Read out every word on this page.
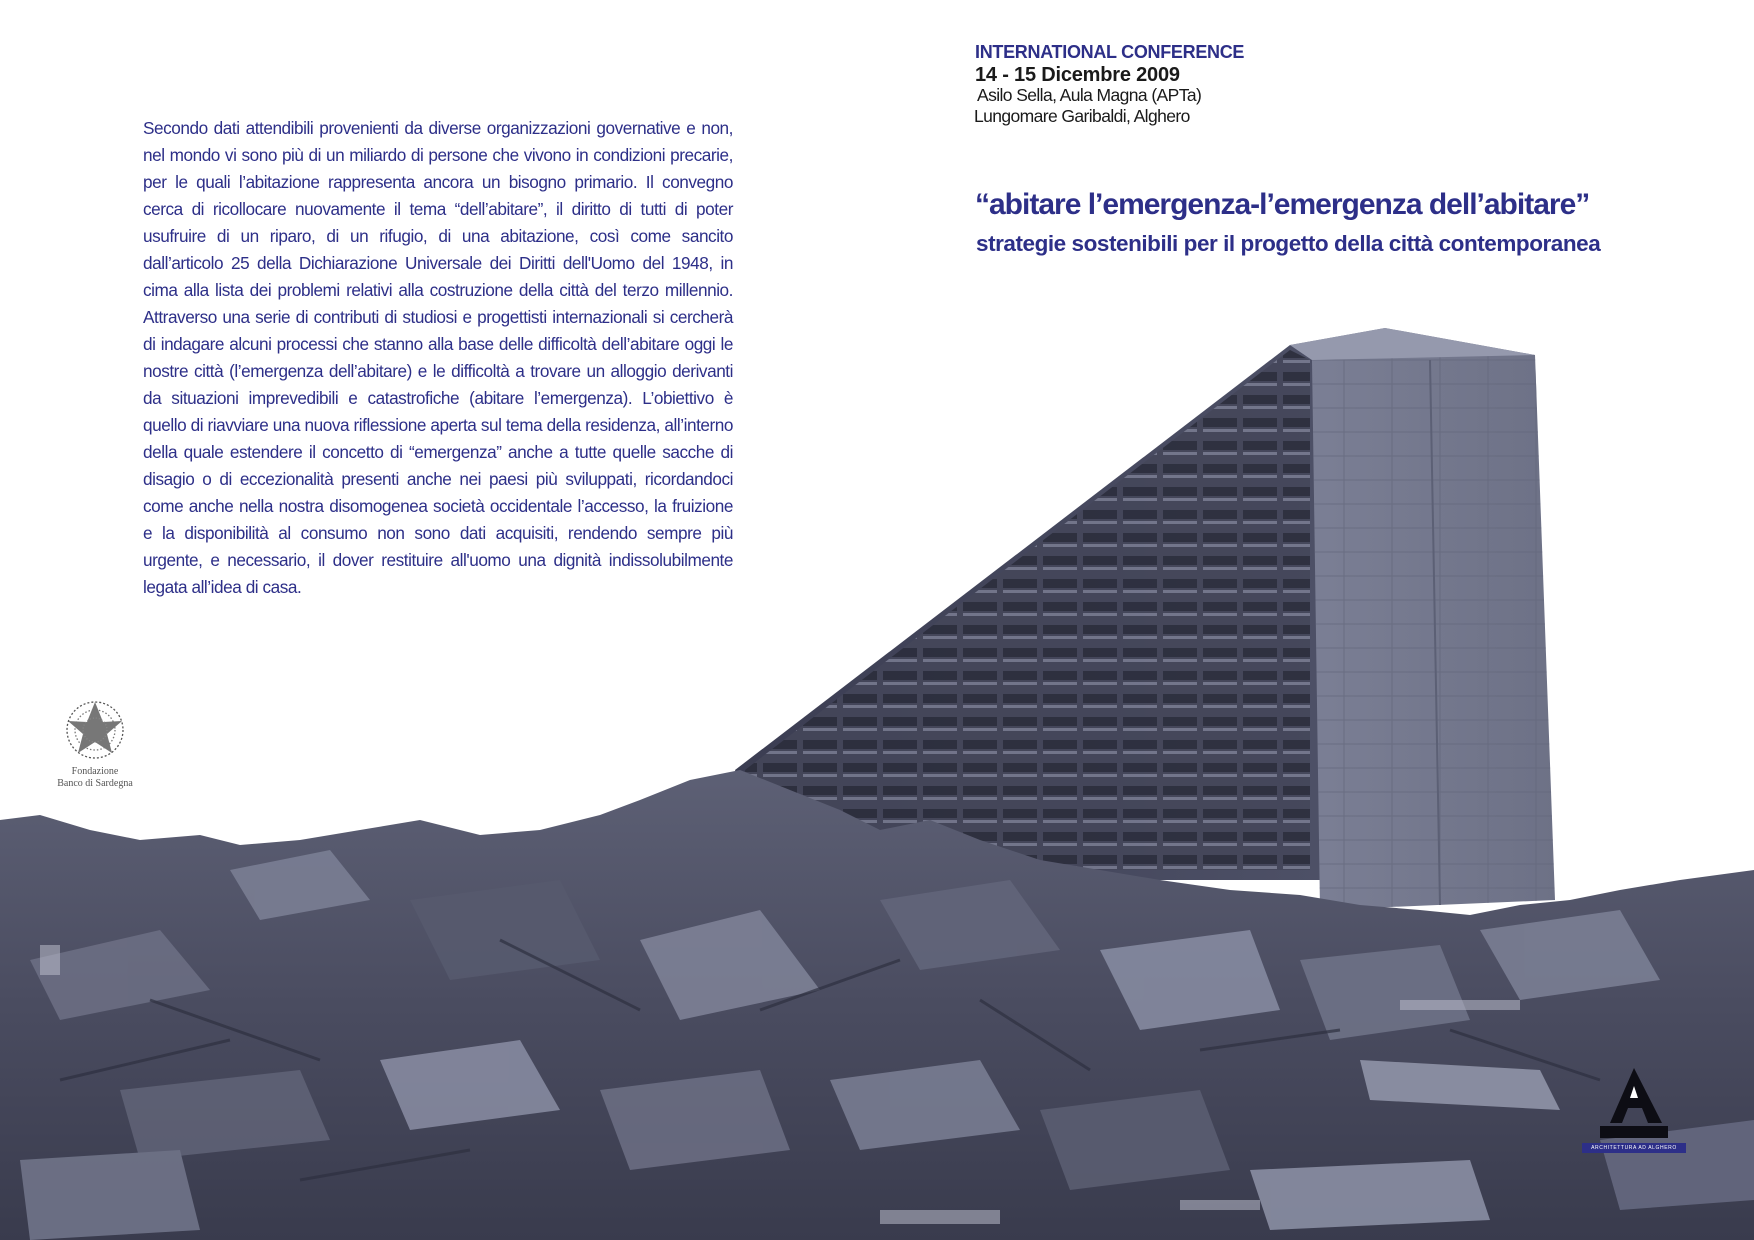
Secondo dati attendibili provenienti da diverse organizzazioni governative e non, nel mondo vi sono più di un miliardo di persone che vivono in condizioni precarie, per le quali l’abitazione rappresenta ancora un bisogno primario. Il convegno cerca di ricollocare nuovamente il tema “dell’abitare”, il diritto di tutti di poter usufruire di un riparo, di un rifugio, di una abitazione, così come sancito dall’articolo 25 della Dichiarazione Universale dei Diritti dell'Uomo del 1948, in cima alla lista dei problemi relativi alla costruzione della città del terzo millennio. Attraverso una serie di contributi di studiosi e progettisti internazionali si cercherà di indagare alcuni processi che stanno alla base delle difficoltà dell’abitare oggi le nostre città (l’emergenza dell’abitare) e le difficoltà a trovare un alloggio derivanti da situazioni imprevedibili e catastrofiche (abitare l’emergenza). L’obiettivo è quello di riavviare una nuova riflessione aperta sul tema della residenza, all’interno della quale estendere il concetto di “emergenza” anche a tutte quelle sacche di disagio o di eccezionalità presenti anche nei paesi più sviluppati, ricordandoci come anche nella nostra disomogenea società occidentale l’accesso, la fruizione e la disponibilità al consumo non sono dati acquisiti, rendendo sempre più urgente, e necessario, il dover restituire all'uomo una dignità indissolubilmente legata all’idea di casa.

INTERNATIONAL CONFERENCE
14 - 15 Dicembre 2009
Asilo Sella, Aula Magna (APTa)
Lungomare Garibaldi, Alghero
“abitare l’emergenza-l’emergenza dell’abitare”
strategie sostenibili per il progetto della città contemporanea
Fondazione
Banco di Sardegna
ARCHITETTURA AD ALGHERO
